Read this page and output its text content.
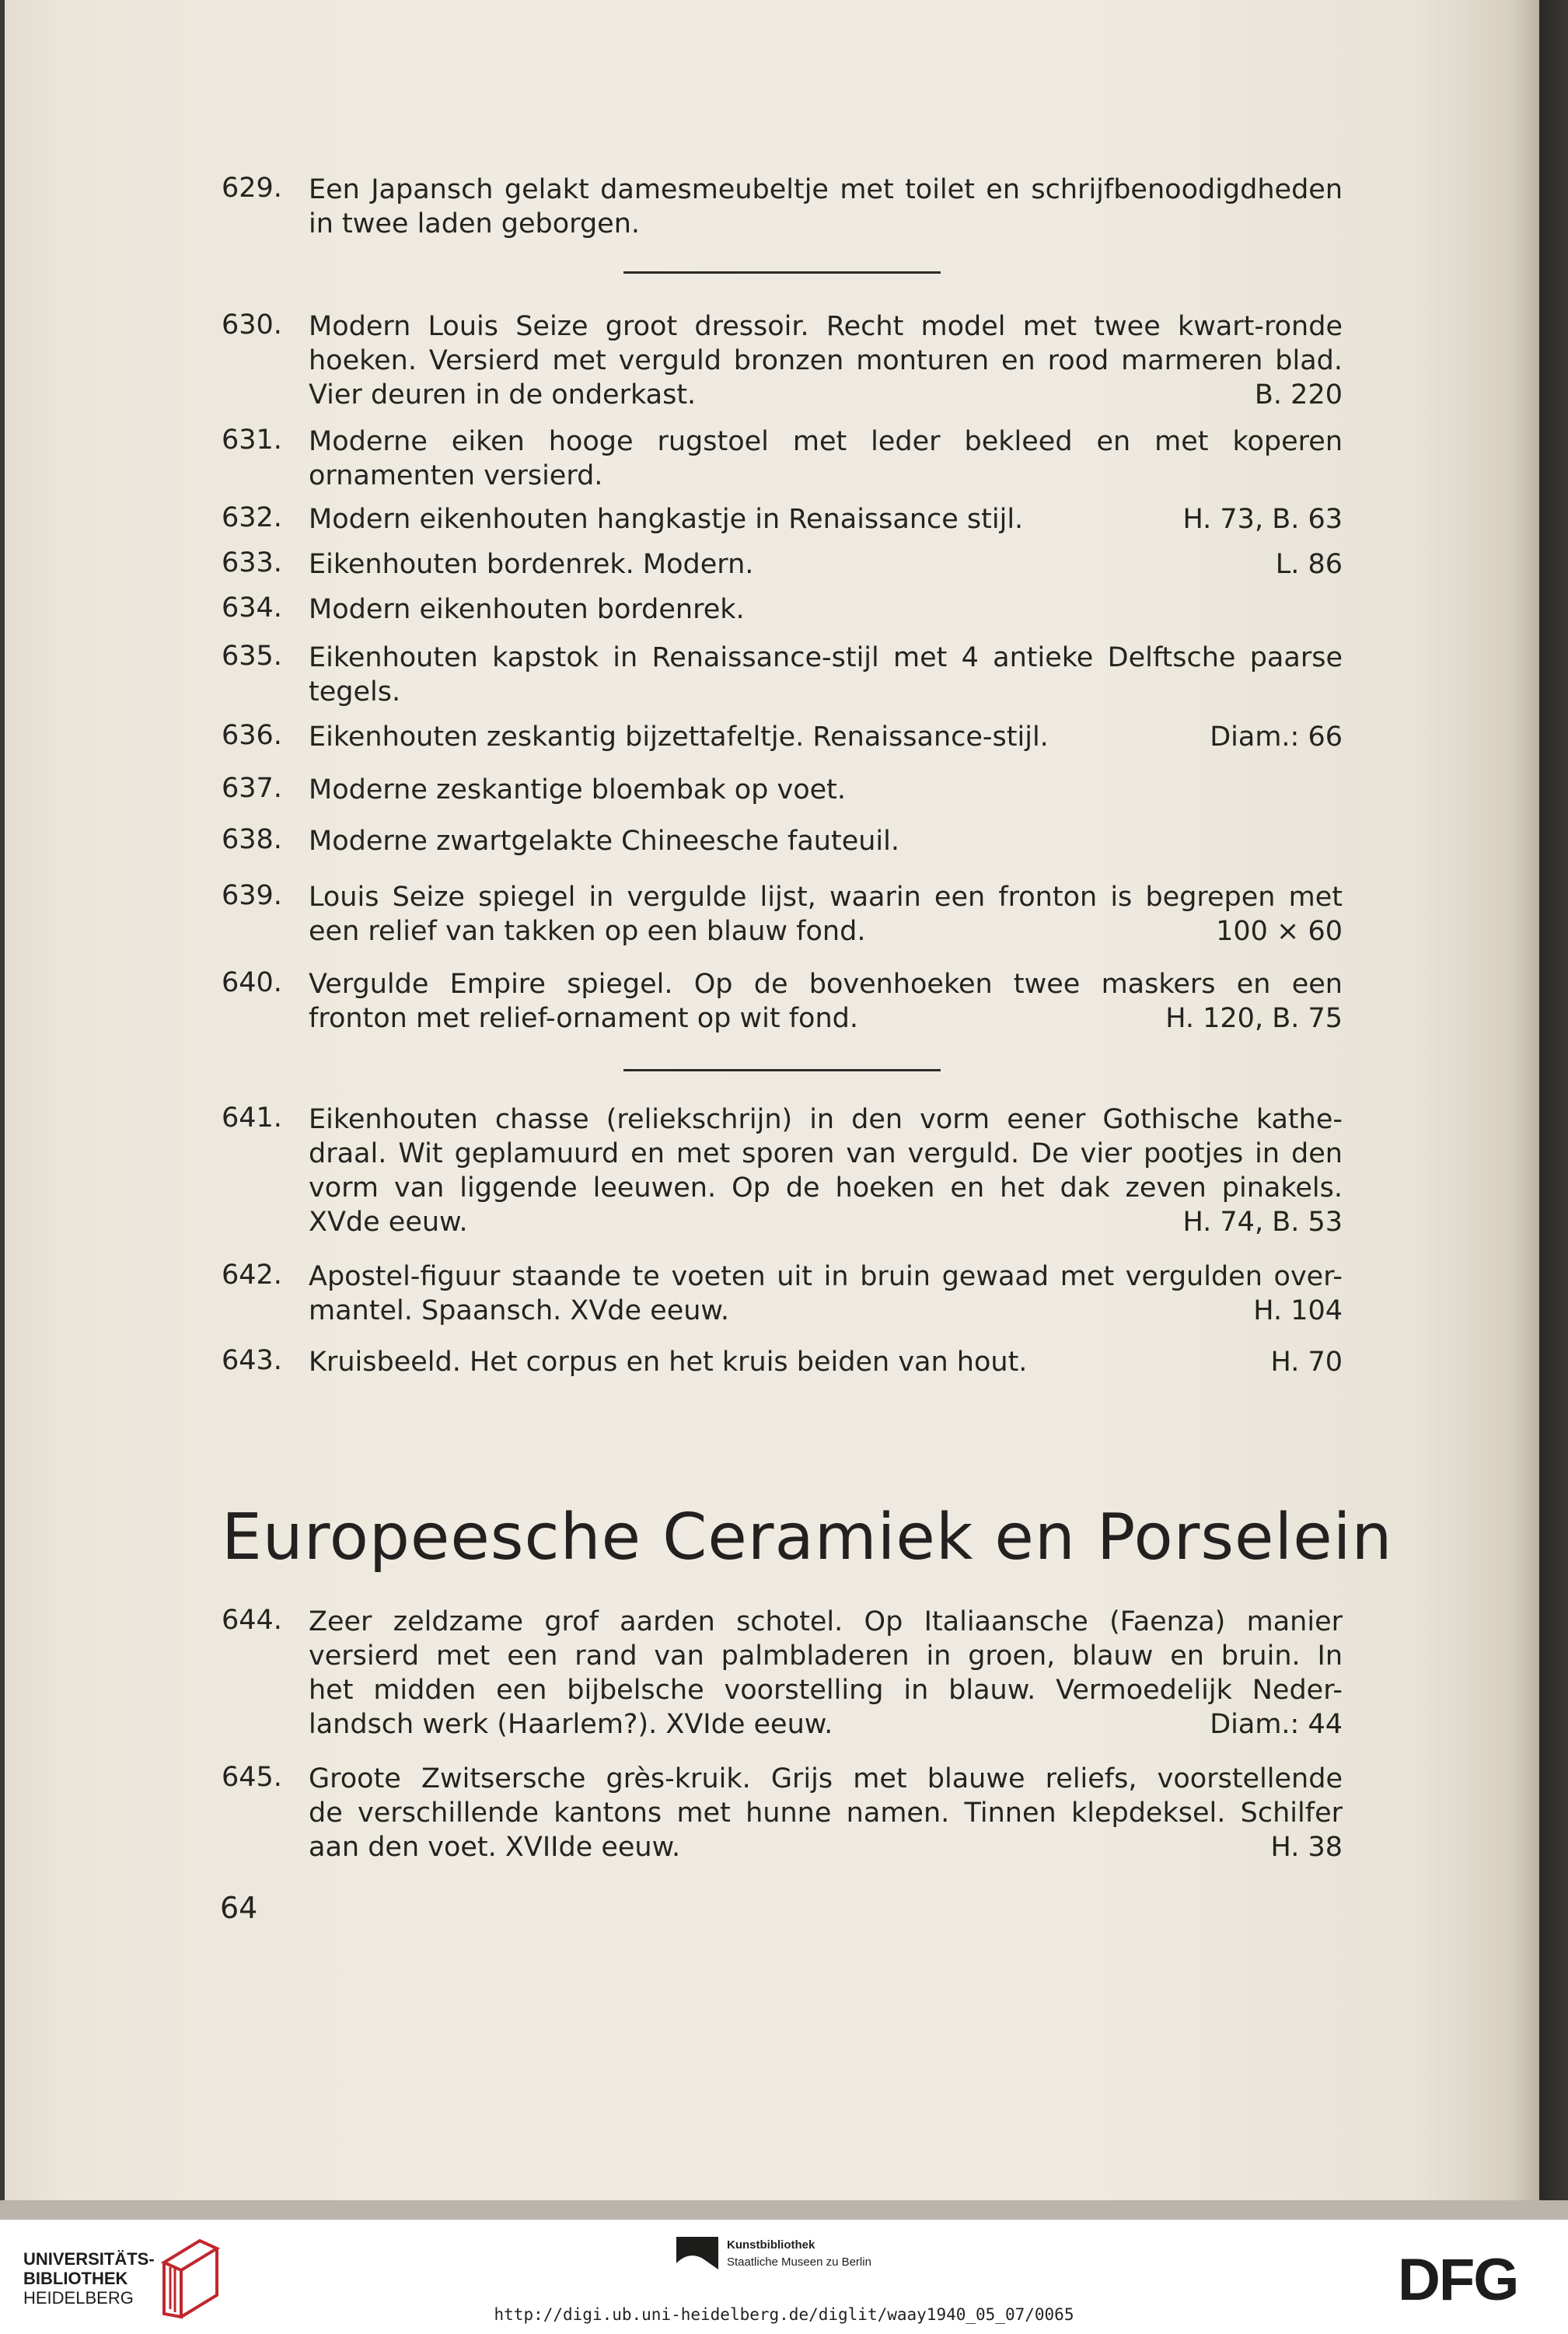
629. Een Japansch gelakt damesmeubeltje met toilet en schrijfbenoodigdheden
in twee laden geborgen.
630. Modern Louis Seize groot dressoir. Recht model met twee kwart-ronde
hoeken. Versierd met verguld bronzen monturen en rood marmeren blad.
Vier deuren in de onderkast.	B. 220
631. Moderne eiken hooge rugstoel met leder bekleed en met koperen
ornamenten versierd.
632. Modern eikenhouten hangkastje in Renaissance stijl.	H. 73, B. 63
633. Eikenhouten bordenrek. Modern.	L. 86
634. Modern eikenhouten bordenrek.
635. Eikenhouten kapstok in Renaissance-stijl met 4 antieke Delftsche paarse
tegels.
636. Eikenhouten zeskantig bijzettafeltje. Renaissance-stijl.	Diam.: 66
637. Moderne zeskantige bloembak op voet.
638. Moderne zwartgelakte Chineesche fauteuil.
639. Louis Seize spiegel in vergulde lijst, waarin een fronton is begrepen met
een relief van takken op een blauw fond.	100 × 60
640. Vergulde Empire spiegel. Op de bovenhoeken twee maskers en een
fronton met relief-ornament op wit fond.	H. 120, B. 75
641. Eikenhouten chasse (reliekschrijn) in den vorm eener Gothische kathe-
draal. Wit geplamuurd en met sporen van verguld. De vier pootjes in den
vorm van liggende leeuwen. Op de hoeken en het dak zeven pinakels.
XVde eeuw.	H. 74, B. 53
642. Apostel-figuur staande te voeten uit in bruin gewaad met vergulden over-
mantel. Spaansch. XVde eeuw.	H. 104
643. Kruisbeeld. Het corpus en het kruis beiden van hout.	H. 70
Europeesche Ceramiek en Porselein
644. Zeer zeldzame grof aarden schotel. Op Italiaansche (Faenza) manier
versierd met een rand van palmbladeren in groen, blauw en bruin. In
het midden een bijbelsche voorstelling in blauw. Vermoedelijk Neder-
landsch werk (Haarlem?). XVIde eeuw.	Diam.: 44
645. Groote Zwitsersche grès-kruik. Grijs met blauwe reliefs, voorstellende
de verschillende kantons met hunne namen. Tinnen klepdeksel. Schilfer
aan den voet. XVIIde eeuw.	H. 38
64
UNIVERSITÄTS-
BIBLIOTHEK
HEIDELBERG
Kunstbibliothek
Staatliche Museen zu Berlin	DFG
http://digi.ub.uni-heidelberg.de/diglit/waay1940_05_07/0065
